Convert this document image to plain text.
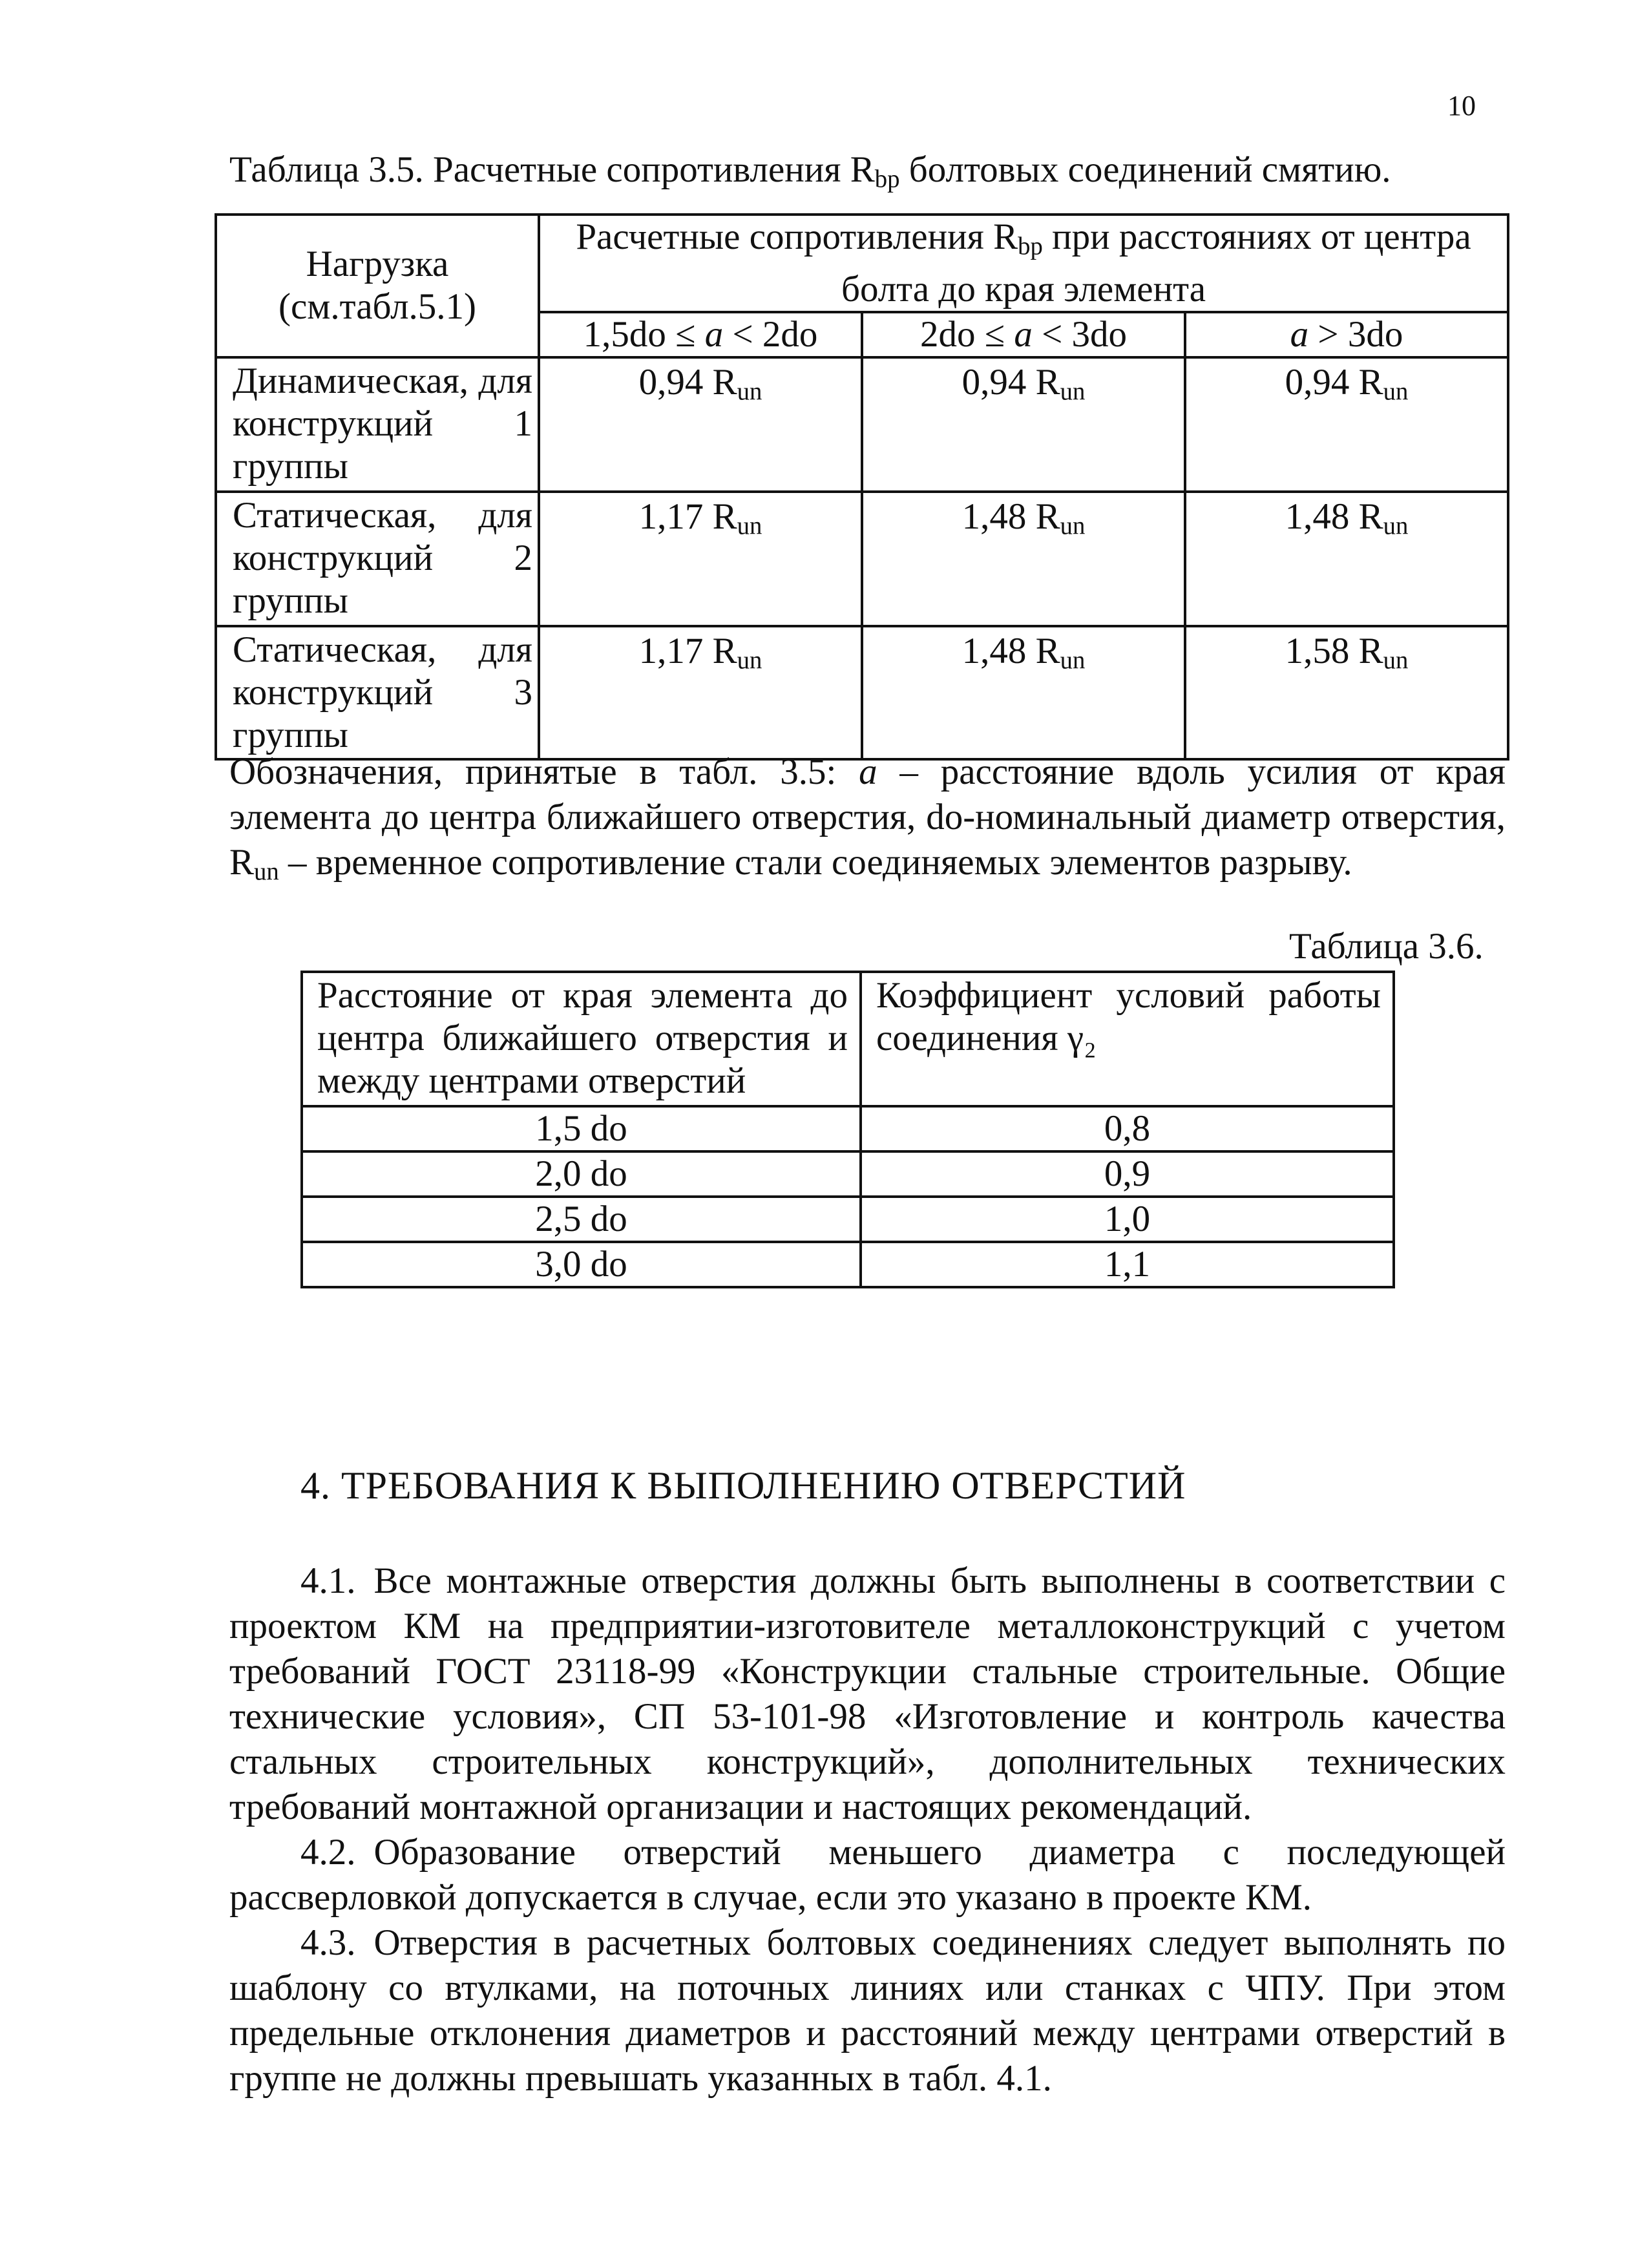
10
Таблица 3.5. Расчетные сопротивления $R_{bp}$ болтовых соединений смятию.
Нагрузка (см.табл.5.1)	Расчетные сопротивления $R_{bp}$ при расстояниях от центра болта до края элемента		
	1,5do ≤ a < 2do	2do ≤ a < 3do	a > 3do
Динамическая, для конструкций 1 группы	0,94 $R_{un}$	0,94 $R_{un}$	0,94 $R_{un}$
Статическая, для конструкций 2 группы	1,17 $R_{un}$	1,48 $R_{un}$	1,48 $R_{un}$
Статическая, для конструкций 3 группы	1,17 $R_{un}$	1,48 $R_{un}$	1,58 $R_{un}$
Обозначения, принятые в табл. 3.5: a – расстояние вдоль усилия от края элемента до центра ближайшего отверстия, do-номинальный диаметр отверстия, $R_{un}$ – временное сопротивление стали соединяемых элементов разрыву.
Таблица 3.6.
Расстояние от края элемента до центра ближайшего отверстия и между центрами отверстий	Коэффициент условий работы соединения γ₂
1,5 do	0,8
2,0 do	0,9
2,5 do	1,0
3,0 do	1,1
4. ТРЕБОВАНИЯ К ВЫПОЛНЕНИЮ ОТВЕРСТИЙ

4.1. Все монтажные отверстия должны быть выполнены в соответствии с проектом КМ на предприятии-изготовителе металлоконструкций с учетом требований ГОСТ 23118-99 «Конструкции стальные строительные. Общие технические условия», СП 53-101-98 «Изготовление и контроль качества стальных строительных конструкций», дополнительных технических требований монтажной организации и настоящих рекомендаций.

4.2. Образование отверстий меньшего диаметра с последующей рассверловкой допускается в случае, если это указано в проекте КМ.

4.3. Отверстия в расчетных болтовых соединениях следует выполнять по шаблону со втулками, на поточных линиях или станках с ЧПУ. При этом предельные отклонения диаметров и расстояний между центрами отверстий в группе не должны превышать указанных в табл. 4.1.
